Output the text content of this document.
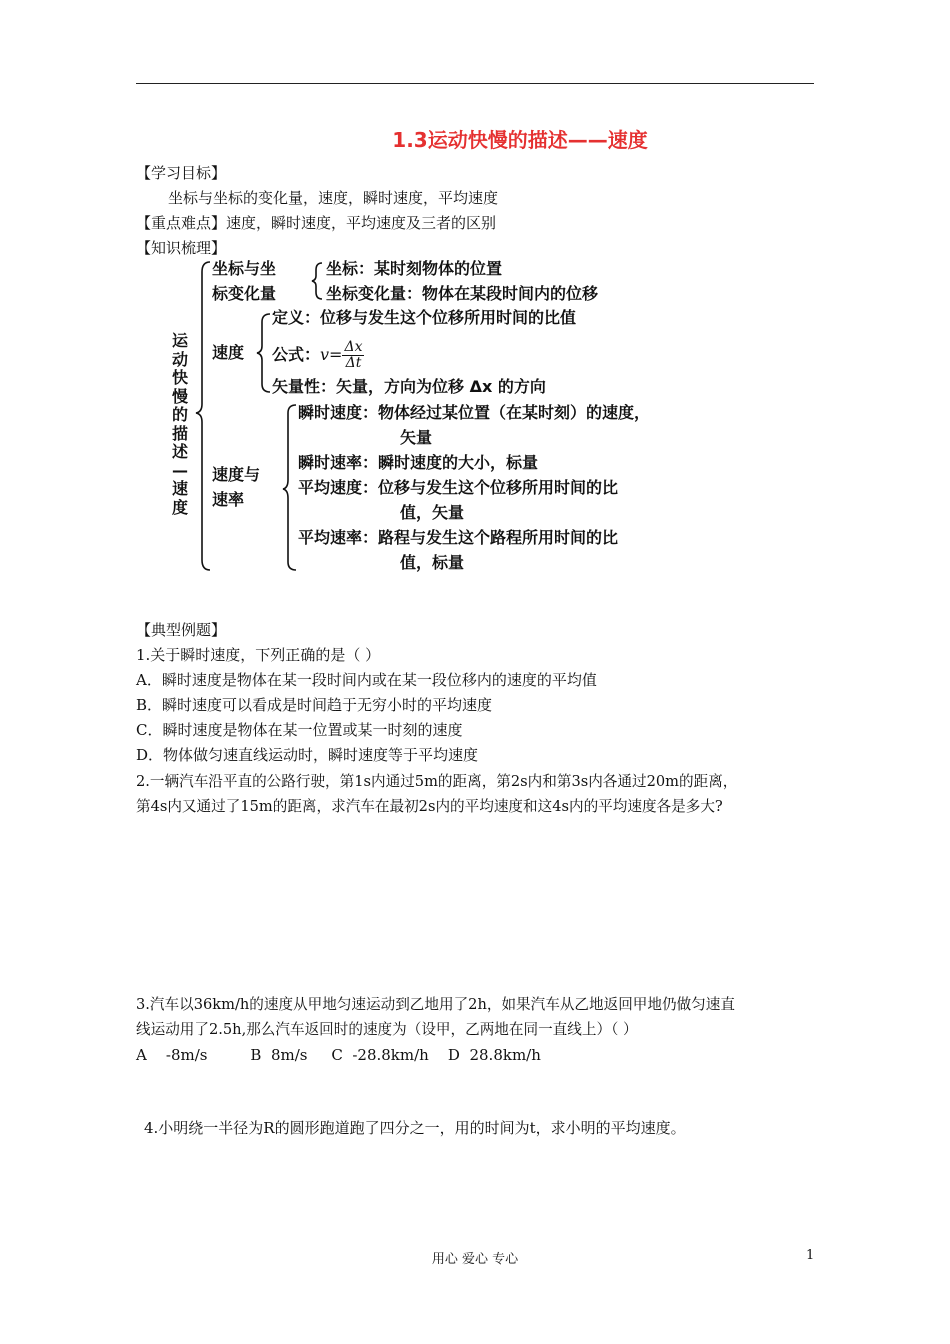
1.3运动快慢的描述——速度
【学习目标】
坐标与坐标的变化量，速度，瞬时速度，平均速度
【重点难点】速度，瞬时速度，平均速度及三者的区别
【知识梳理】
运动快慢的描述—速度
坐标与坐
标变化量
坐标：某时刻物体的位置
坐标变化量：物体在某段时间内的位移
速度
定义：位移与发生这个位移所用时间的比值
公式：$v= \frac{\Delta x}{\Delta t}$
矢量性：矢量，方向为位移 Δx 的方向
速度与
速率
瞬时速度：物体经过某位置（在某时刻）的速度，
矢量
瞬时速率：瞬时速度的大小，标量
平均速度：位移与发生这个位移所用时间的比
值，矢量
平均速率：路程与发生这个路程所用时间的比
值，标量
【典型例题】
1.关于瞬时速度，下列正确的是（ ）
A．瞬时速度是物体在某一段时间内或在某一段位移内的速度的平均值
B．瞬时速度可以看成是时间趋于无穷小时的平均速度
C．瞬时速度是物体在某一位置或某一时刻的速度
D．物体做匀速直线运动时，瞬时速度等于平均速度
2.一辆汽车沿平直的公路行驶，第1s内通过5m的距离，第2s内和第3s内各通过20m的距离，
第4s内又通过了15m的距离，求汽车在最初2s内的平均速度和这4s内的平均速度各是多大?
3.汽车以36km/h的速度从甲地匀速运动到乙地用了2h，如果汽车从乙地返回甲地仍做匀速直
线运动用了2.5h,那么汽车返回时的速度为（设甲，乙两地在同一直线上）（ ）
A    -8m/s         B  8m/s     C  -28.8km/h    D  28.8km/h
4.小明绕一半径为R的圆形跑道跑了四分之一，用的时间为t，求小明的平均速度。
用心 爱心 专心	1
